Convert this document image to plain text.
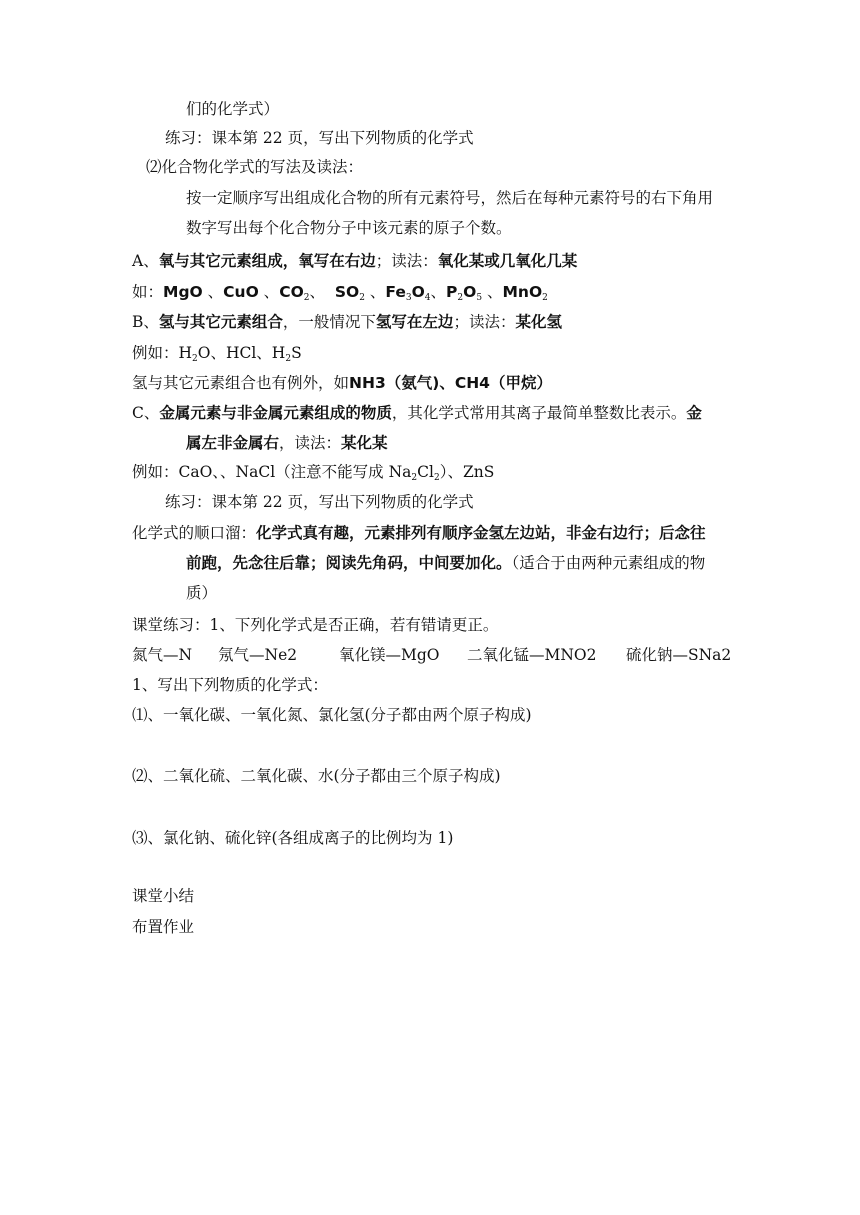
们的化学式）
练习：课本第 22 页，写出下列物质的化学式
⑵化合物化学式的写法及读法：
按一定顺序写出组成化合物的所有元素符号，然后在每种元素符号的右下角用
数字写出每个化合物分子中该元素的原子个数。
A、氧与其它元素组成，氧写在右边；读法：氧化某或几氧化几某
如：MgO 、CuO 、$CO_2$、 $SO_2$ 、$Fe_3O_4$、$P_2O_5$ 、MnO$_2$
B、氢与其它元素组合，一般情况下氢写在左边；读法：某化氢
例如：$H_2O$、HCl、$H_2S$
氢与其它元素组合也有例外，如NH3（氨气)、CH4（甲烷）
C、金属元素与非金属元素组成的物质，其化学式常用其离子最简单整数比表示。金
属左非金属右，读法：某化某
例如：CaO、、NaCl（注意不能写成 $Na_2Cl_2$）、ZnS
练习：课本第 22 页，写出下列物质的化学式
化学式的顺口溜：化学式真有趣，元素排列有顺序金氢左边站，非金右边行；后念往
前跑，先念往后靠；阅读先角码，中间要加化。（适合于由两种元素组成的物
质）
课堂练习：1、下列化学式是否正确，若有错请更正。
氮气—N 氖气—Ne2	氧化镁—MgO 二氧化锰—MNO2 硫化钠—SNa2
1、写出下列物质的化学式：
⑴、一氧化碳、一氧化氮、氯化氢(分子都由两个原子构成)
⑵、二氧化硫、二氧化碳、水(分子都由三个原子构成)
⑶、氯化钠、硫化锌(各组成离子的比例均为 1)
课堂小结
布置作业
